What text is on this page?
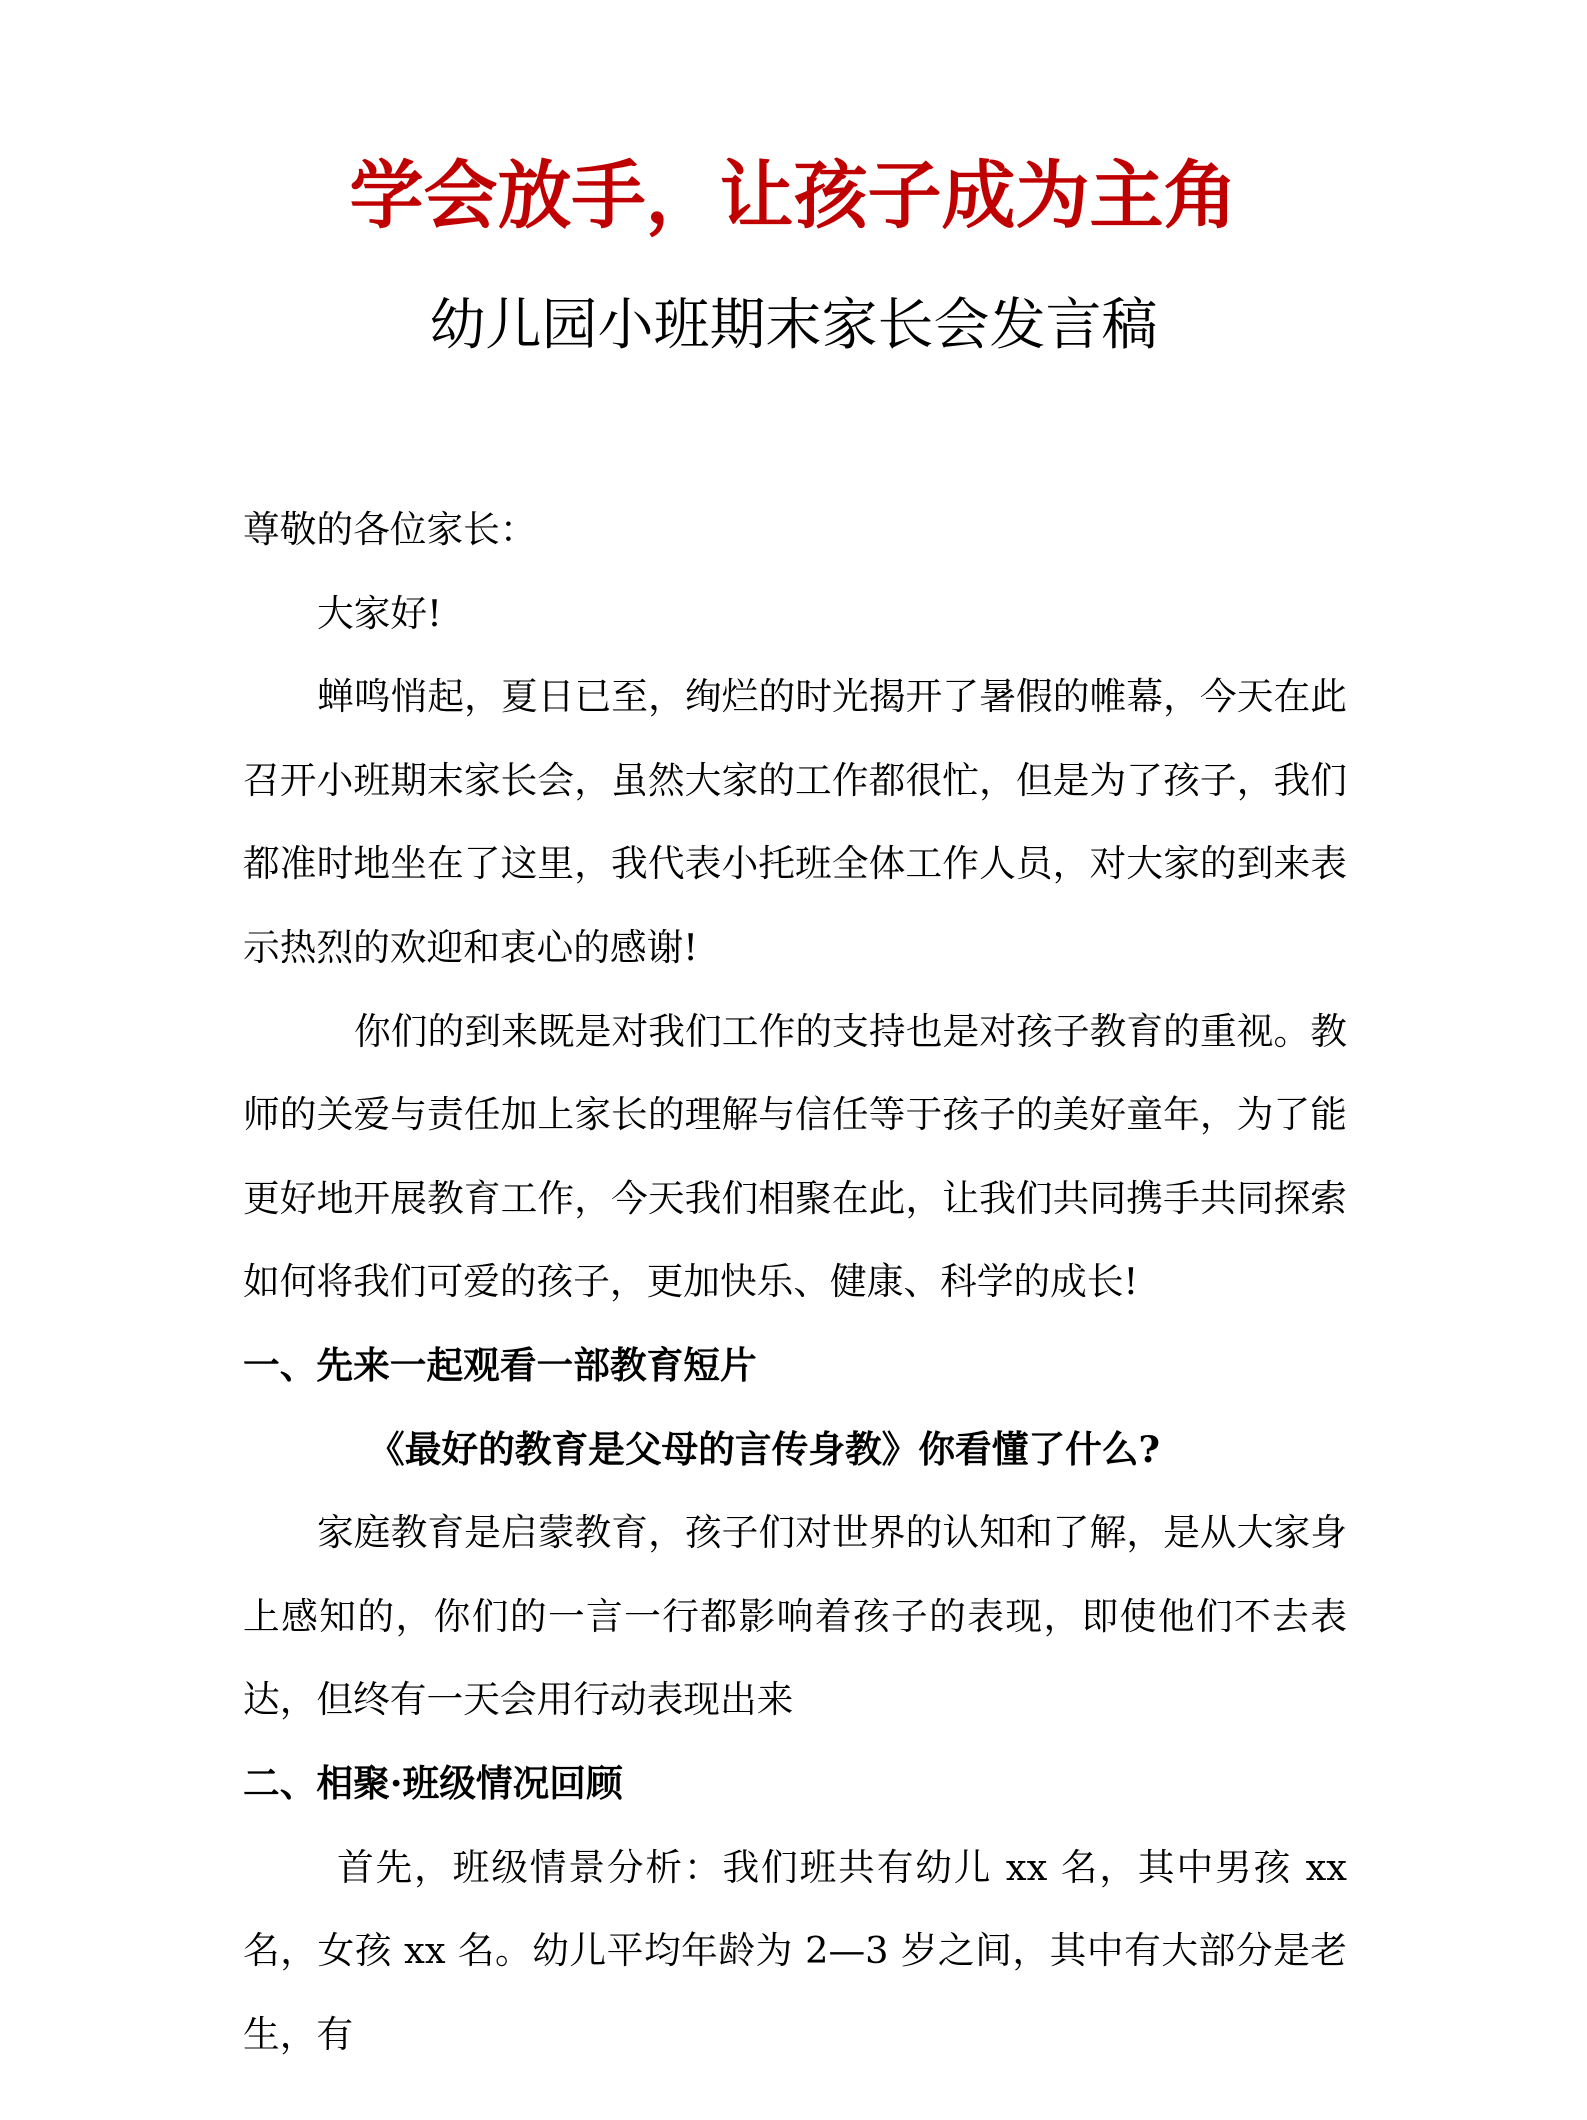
学会放手，让孩子成为主角
幼儿园小班期末家长会发言稿

尊敬的各位家长：

大家好!

蝉鸣悄起，夏日已至，绚烂的时光揭开了暑假的帷幕，今天在此召开小班期末家长会，虽然大家的工作都很忙，但是为了孩子，我们都准时地坐在了这里，我代表小托班全体工作人员，对大家的到来表示热烈的欢迎和衷心的感谢!

你们的到来既是对我们工作的支持也是对孩子教育的重视。教师的关爱与责任加上家长的理解与信任等于孩子的美好童年，为了能更好地开展教育工作，今天我们相聚在此，让我们共同携手共同探索如何将我们可爱的孩子，更加快乐、健康、科学的成长!

一、先来一起观看一部教育短片

《最好的教育是父母的言传身教》你看懂了什么?

家庭教育是启蒙教育，孩子们对世界的认知和了解，是从大家身上感知的，你们的一言一行都影响着孩子的表现，即使他们不去表达，但终有一天会用行动表现出来

二、相聚·班级情况回顾

首先，班级情景分析：我们班共有幼儿 xx 名，其中男孩 xx 名，女孩 xx 名。幼儿平均年龄为 2—3 岁之间，其中有大部分是老生，有
